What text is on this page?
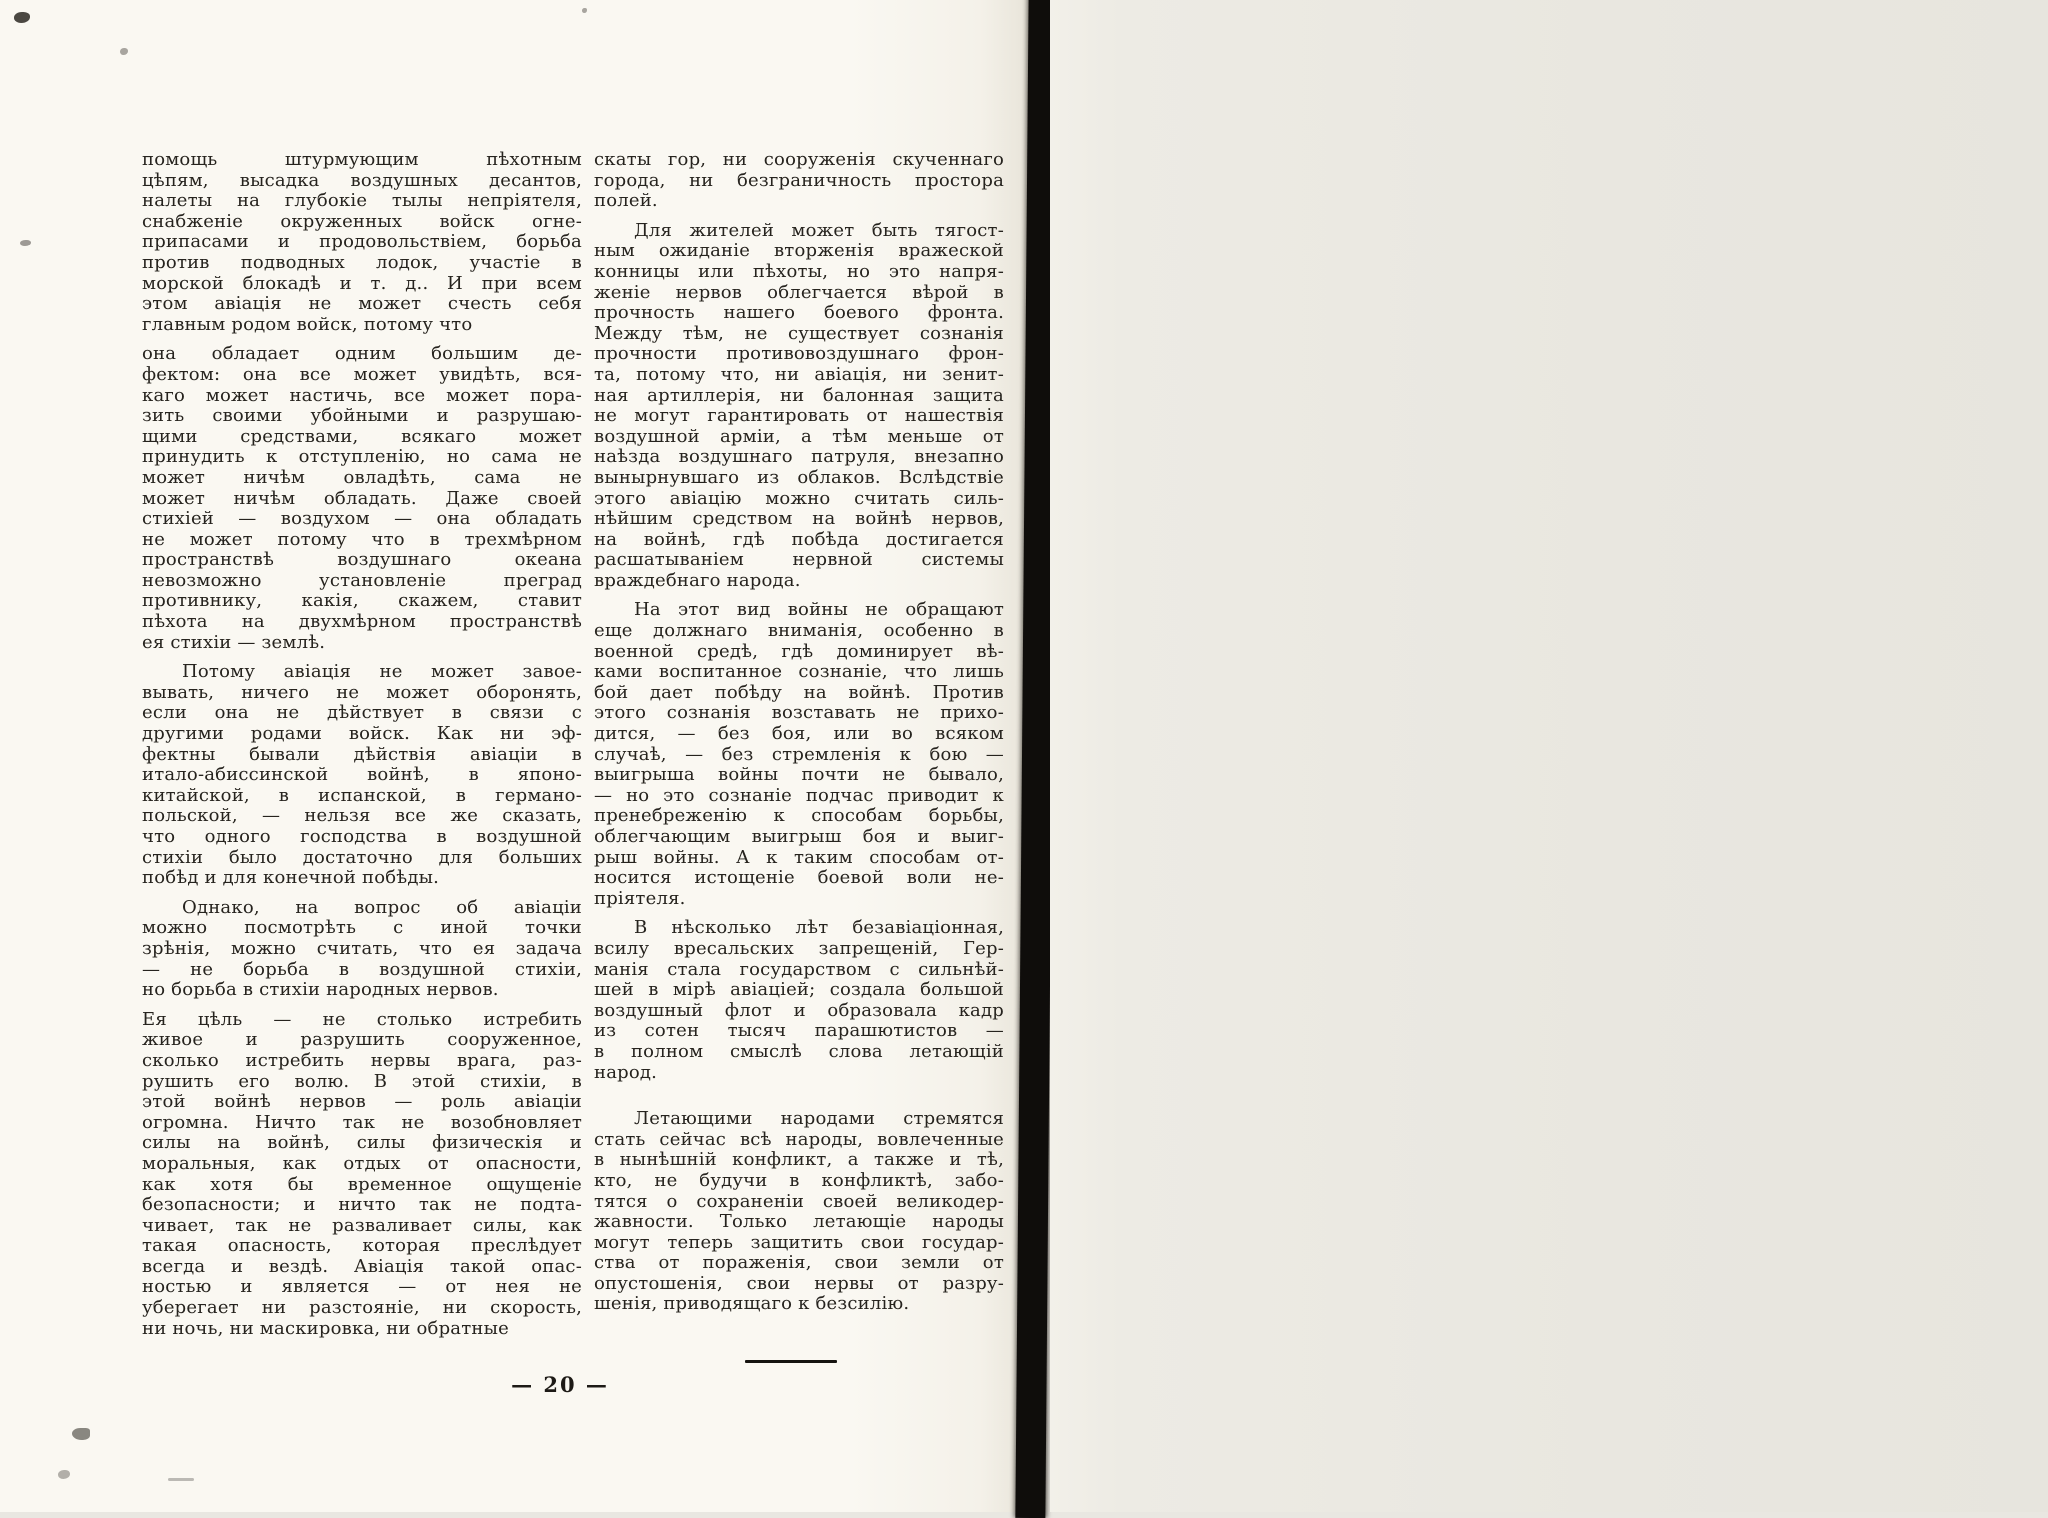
помощь штурмующим пѣхотным
цѣпям, высадка воздушных десантов,
налеты на глубокіе тылы непріятеля,
снабженіе окруженных войск огне-
припасами и продовольствіем, борьба
против подводных лодок, участіе в
морской блокадѣ и т. д.. И при всем
этом авіація не может счесть себя
главным родом войск, потому что
она обладает одним большим де-
фектом: она все может увидѣть, вся-
каго может настичь, все может пора-
зить своими убойными и разрушаю-
щими средствами, всякаго может
принудить к отступленію, но сама не
может ничѣм овладѣть, сама не
может ничѣм обладать. Даже своей
стихіей — воздухом — она обладать
не может потому что в трехмѣрном
пространствѣ воздушнаго океана
невозможно установленіе преград
противнику, какія, скажем, ставит
пѣхота на двухмѣрном пространствѣ
ея стихіи — землѣ.
Потому авіація не может завое-
вывать, ничего не может оборонять,
если она не дѣйствует в связи с
другими родами войск. Как ни эф-
фектны бывали дѣйствія авіаціи в
итало-абиссинской войнѣ, в японо-
китайской, в испанской, в германо-
польской, — нельзя все же сказать,
что одного господства в воздушной
стихіи было достаточно для больших
побѣд и для конечной побѣды.
Однако, на вопрос об авіаціи
можно посмотрѣть с иной точки
зрѣнія, можно считать, что ея задача
— не борьба в воздушной стихіи,
но борьба в стихіи народных нервов.
Ея цѣль — не столько истребить
живое и разрушить сооруженное,
сколько истребить нервы врага, раз-
рушить его волю. В этой стихіи, в
этой войнѣ нервов — роль авіаціи
огромна. Ничто так не возобновляет
силы на войнѣ, силы физическія и
моральныя, как отдых от опасности,
как хотя бы временное ощущеніе
безопасности; и ничто так не подта-
чивает, так не разваливает силы, как
такая опасность, которая преслѣдует
всегда и вездѣ. Авіація такой опас-
ностью и является — от нея не
уберегает ни разстояніе, ни скорость,
ни ночь, ни маскировка, ни обратные
скаты гор, ни сооруженія скученнаго
города, ни безграничность простора
полей.
Для жителей может быть тягост-
ным ожиданіе вторженія вражеской
конницы или пѣхоты, но это напря-
женіе нервов облегчается вѣрой в
прочность нашего боевого фронта.
Между тѣм, не существует сознанія
прочности противовоздушнаго фрон-
та, потому что, ни авіація, ни зенит-
ная артиллерія, ни балонная защита
не могут гарантировать от нашествія
воздушной арміи, а тѣм меньше от
наѣзда воздушнаго патруля, внезапно
вынырнувшаго из облаков. Вслѣдствіе
этого авіацію можно считать силь-
нѣйшим средством на войнѣ нервов,
на войнѣ, гдѣ побѣда достигается
расшатываніем нервной системы
враждебнаго народа.
На этот вид войны не обращают
еще должнаго вниманія, особенно в
военной средѣ, гдѣ доминирует вѣ-
ками воспитанное сознаніе, что лишь
бой дает побѣду на войнѣ. Против
этого сознанія возставать не прихо-
дится, — без боя, или во всяком
случаѣ, — без стремленія к бою —
выигрыша войны почти не бывало,
— но это сознаніе подчас приводит к
пренебреженію к способам борьбы,
облегчающим выигрыш боя и выиг-
рыш войны. А к таким способам от-
носится истощеніе боевой воли не-
пріятеля.
В нѣсколько лѣт безавіаціонная,
всилу вресальских запрещеній, Гер-
манія стала государством с сильнѣй-
шей в мірѣ авіаціей; создала большой
воздушный флот и образовала кадр
из сотен тысяч парашютистов —
в полном смыслѣ слова летающій
народ.
Летающими народами стремятся
стать сейчас всѣ народы, вовлеченные
в нынѣшній конфликт, а также и тѣ,
кто, не будучи в конфликтѣ, забо-
тятся о сохраненіи своей великодер-
жавности. Только летающіе народы
могут теперь защитить свои государ-
ства от пораженія, свои земли от
опустошенія, свои нервы от разру-
шенія, приводящаго к безсилію.
— 20 —
